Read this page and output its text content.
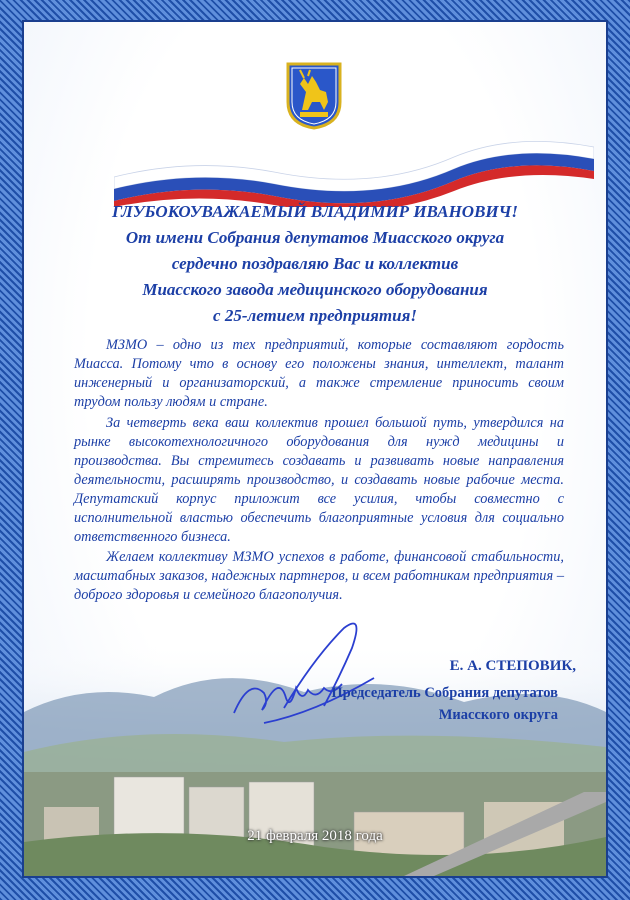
ГЛУБОКОУВАЖАЕМЫЙ ВЛАДИМИР ИВАНОВИЧ!
От имени Собрания депутатов Миасского округа
сердечно поздравляю Вас и коллектив
Миасского завода медицинского оборудования
с 25-летием предприятия!

МЗМО – одно из тех предприятий, которые составляют гордость Миасса. Потому что в основу его положены знания, интеллект, талант инженерный и организаторский, а также стремление приносить своим трудом пользу людям и стране.

За четверть века ваш коллектив прошел большой путь, утвердился на рынке высокотехнологичного оборудования для нужд медицины и производства. Вы стремитесь создавать и развивать новые направления деятельности, расширять производство, и создавать новые рабочие места. Депутатский корпус приложит все усилия, чтобы совместно с исполнительной властью обеспечить благоприятные условия для социально ответственного бизнеса.

Желаем коллективу МЗМО успехов в работе, финансовой стабильности, масштабных заказов, надежных партнеров, и всем работникам предприятия – доброго здоровья и семейного благополучия.

Е. А. СТЕПОВИК,
Председатель Собрания депутатов
Миасского округа
21 февраля 2018 года
